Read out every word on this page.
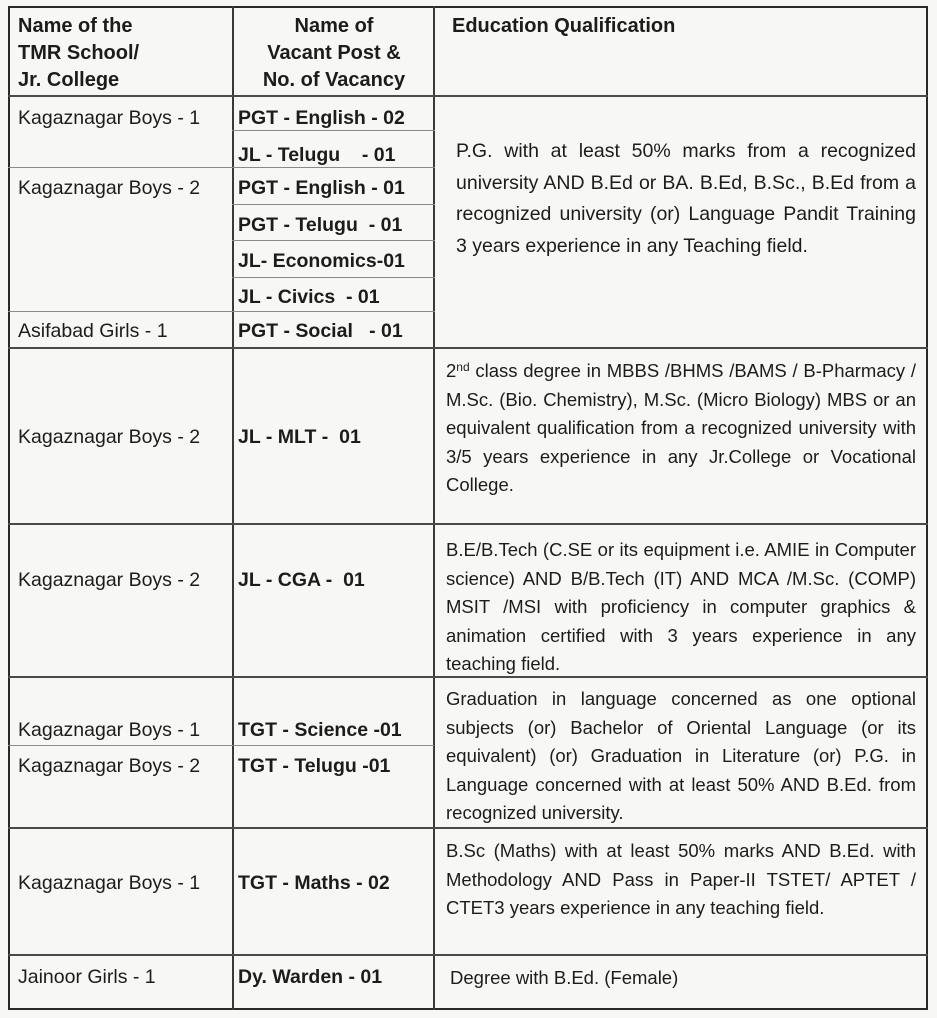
Name of the
TMR School/
Jr. College
Name of
Vacant Post &
No. of Vacancy
Education Qualification
Kagaznagar Boys - 1
Kagaznagar Boys - 2
Asifabad Girls - 1
Kagaznagar Boys - 2
Kagaznagar Boys - 2
Kagaznagar Boys - 1
Kagaznagar Boys - 2
Kagaznagar Boys - 1
Jainoor Girls - 1
PGT - English - 02
JL - Telugu    - 01
PGT - English - 01
PGT - Telugu  - 01
JL- Economics-01
JL - Civics  - 01
PGT - Social   - 01
JL - MLT -  01
JL - CGA -  01
TGT - Science -01
TGT - Telugu -01
TGT - Maths - 02
Dy. Warden - 01
P.G. with at least 50% marks from a recognized university AND B.Ed or BA. B.Ed, B.Sc., B.Ed from a recognized university (or) Language Pandit Training 3 years experience in any Teaching field.
2nd class degree in MBBS /BHMS /BAMS / B-Pharmacy / M.Sc. (Bio. Chemistry), M.Sc. (Micro Biology) MBS or an equivalent qualification from a recognized university with 3/5 years experience in any Jr.College or Vocational College.
B.E/B.Tech (C.SE or its equipment i.e. AMIE in Computer science) AND B/B.Tech (IT) AND MCA /M.Sc. (COMP) MSIT /MSI with proficiency in computer graphics & animation certified with 3 years experience in any teaching field.
Graduation in language concerned as one optional subjects (or) Bachelor of Oriental Language (or its equivalent) (or) Graduation in Literature (or) P.G. in Language concerned with at least 50% AND B.Ed. from recognized university.
B.Sc (Maths) with at least 50% marks AND B.Ed. with Methodology AND Pass in Paper-II TSTET/ APTET / CTET3 years experience in any teaching field.
Degree with B.Ed. (Female)
